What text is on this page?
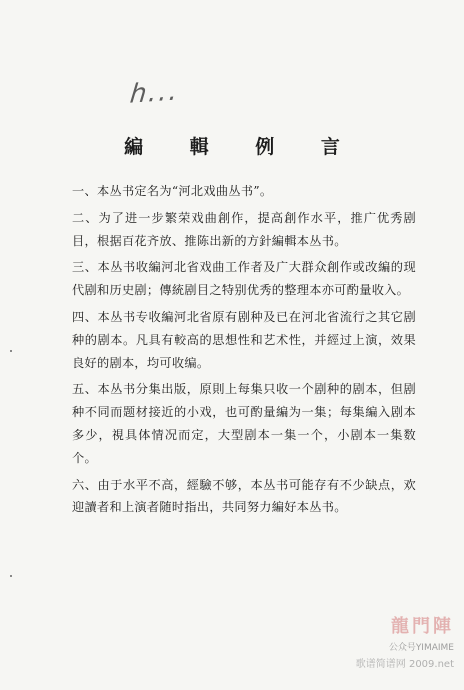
h...
編 輯 例 言

一、本丛书定名为“河北戏曲丛书”。

二、为了进一步繁荣戏曲創作，提高創作水平，推广优秀剧目，根据百花齐放、推陈出新的方針編輯本丛书。

三、本丛书收編河北省戏曲工作者及广大群众創作或改編的现代剧和历史剧；傳統剧目之特别优秀的整理本亦可酌量收入。

四、本丛书专收編河北省原有剧种及已在河北省流行之其它剧种的剧本。凡具有較高的思想性和艺术性，并經过上演，效果良好的剧本，均可收编。

五、本丛书分集出版，原則上每集只收一个剧种的剧本，但剧种不同而题材接近的小戏，也可酌量編为一集；每集編入剧本多少，視具体情况而定，大型剧本一集一个，小剧本一集数个。

六、由于水平不高，經驗不够，本丛书可能存有不少缺点，欢迎讀者和上演者随时指出，共同努力編好本丛书。

龍門陣
公众号YIMAIME
歌谱简谱网 2009.net
